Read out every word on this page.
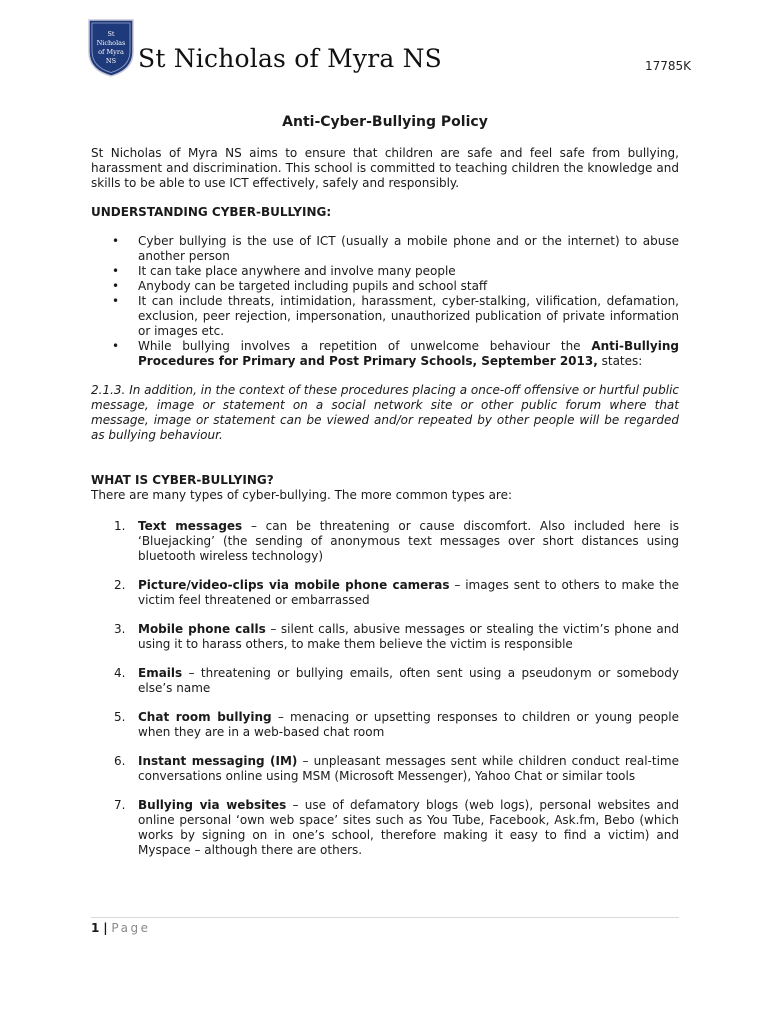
St
Nicholas
of Myra
NS St Nicholas of Myra NS	17785K
Anti-Cyber-Bullying Policy

St Nicholas of Myra NS aims to ensure that children are safe and feel safe from bullying, harassment and discrimination. This school is committed to teaching children the knowledge and skills to be able to use ICT effectively, safely and responsibly.

UNDERSTANDING CYBER-BULLYING:

• Cyber bullying is the use of ICT (usually a mobile phone and or the internet) to abuse another person
• It can take place anywhere and involve many people
• Anybody can be targeted including pupils and school staff
• It can include threats, intimidation, harassment, cyber-stalking, vilification, defamation, exclusion, peer rejection, impersonation, unauthorized publication of private information or images etc.
• While bullying involves a repetition of unwelcome behaviour the Anti-Bullying Procedures for Primary and Post Primary Schools, September 2013, states:

2.1.3. In addition, in the context of these procedures placing a once-off offensive or hurtful public message, image or statement on a social network site or other public forum where that message, image or statement can be viewed and/or repeated by other people will be regarded as bullying behaviour.

WHAT IS CYBER-BULLYING?

There are many types of cyber-bullying. The more common types are:

1. Text messages – can be threatening or cause discomfort. Also included here is ‘Bluejacking’ (the sending of anonymous text messages over short distances using bluetooth wireless technology)
2. Picture/video-clips via mobile phone cameras – images sent to others to make the victim feel threatened or embarrassed
3. Mobile phone calls – silent calls, abusive messages or stealing the victim’s phone and using it to harass others, to make them believe the victim is responsible
4. Emails – threatening or bullying emails, often sent using a pseudonym or somebody else’s name
5. Chat room bullying – menacing or upsetting responses to children or young people when they are in a web-based chat room
6. Instant messaging (IM) – unpleasant messages sent while children conduct real-time conversations online using MSM (Microsoft Messenger), Yahoo Chat or similar tools
7. Bullying via websites – use of defamatory blogs (web logs), personal websites and online personal ‘own web space’ sites such as You Tube, Facebook, Ask.fm, Bebo (which works by signing on in one’s school, therefore making it easy to find a victim) and Myspace – although there are others.
1 | Page
